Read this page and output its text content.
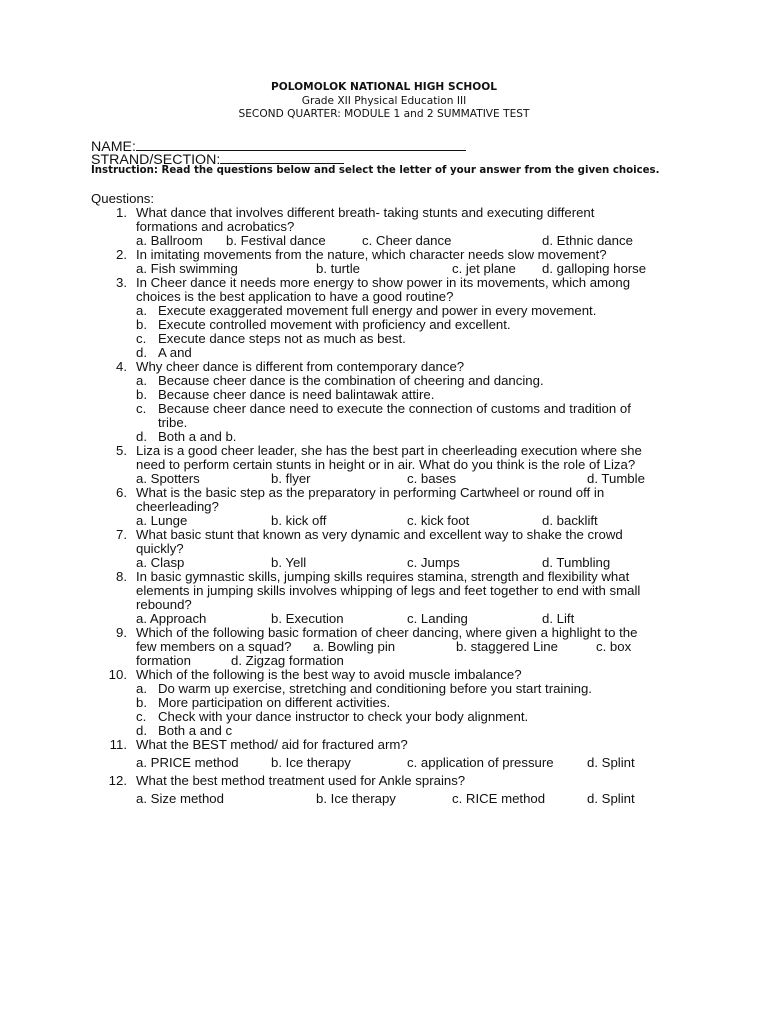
POLOMOLOK NATIONAL HIGH SCHOOL
Grade XII Physical Education III
SECOND QUARTER: MODULE 1 and 2 SUMMATIVE TEST
NAME:
STRAND/SECTION:
Instruction: Read the questions below and select the letter of your answer from the given choices.
Questions:
1. What dance that involves different breath- taking stunts and executing different
formations and acrobatics?
a. Ballroom b. Festival dance	c. Cheer dance	d. Ethnic dance
2. In imitating movements from the nature, which character needs slow movement?
a. Fish swimming	b. turtle	c. jet plane d. galloping horse
3. In Cheer dance it needs more energy to show power in its movements, which among
choices is the best application to have a good routine?
a. Execute exaggerated movement full energy and power in every movement.
b. Execute controlled movement with proficiency and excellent.
c. Execute dance steps not as much as best.
d. A and
4. Why cheer dance is different from contemporary dance?
a. Because cheer dance is the combination of cheering and dancing.
b. Because cheer dance is need balintawak attire.
c. Because cheer dance need to execute the connection of customs and tradition of
tribe.
d. Both a and b.
5. Liza is a good cheer leader, she has the best part in cheerleading execution where she
need to perform certain stunts in height or in air. What do you think is the role of Liza?
a. Spotters	b. flyer	c. bases	d. Tumble
6. What is the basic step as the preparatory in performing Cartwheel or round off in
cheerleading?
a. Lunge	b. kick off	c. kick foot	d. backlift
7. What basic stunt that known as very dynamic and excellent way to shake the crowd
quickly?
a. Clasp	b. Yell	c. Jumps	d. Tumbling
8. In basic gymnastic skills, jumping skills requires stamina, strength and flexibility what
elements in jumping skills involves whipping of legs and feet together to end with small
rebound?
a. Approach	b. Execution	c. Landing	d. Lift
9. Which of the following basic formation of cheer dancing, where given a highlight to the
few members on a squad? a. Bowling pin	b. staggered Line	c. box
formation	d. Zigzag formation
10. Which of the following is the best way to avoid muscle imbalance?
a. Do warm up exercise, stretching and conditioning before you start training.
b. More participation on different activities.
c. Check with your dance instructor to check your body alignment.
d. Both a and c
11. What the BEST method/ aid for fractured arm?
a. PRICE method b. Ice therapy	c. application of pressure	d. Splint
12. What the best method treatment used for Ankle sprains?
a. Size method	b. Ice therapy	c. RICE method	d. Splint
